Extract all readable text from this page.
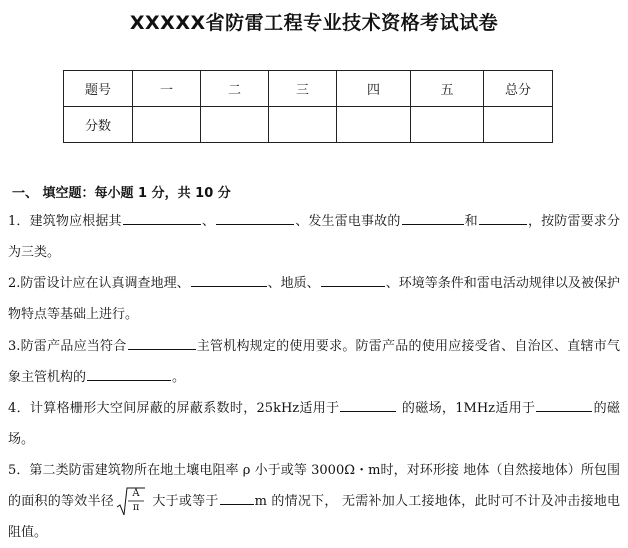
XXXXX省防雷工程专业技术资格考试试卷
题号	一	二	三	四	五	总分
分数						
一、 填空题：每小题 1 分，共 10 分
1．建筑物应根据其	、	、发生雷电事故的	和	，按防雷要求分为三类。
2.防雷设计应在认真调查地理、	、地质、	、环境等条件和雷电活动规律以及被保护物特点等基础上进行。
3.防雷产品应当符合	主管机构规定的使用要求。防雷产品的使用应接受省、自治区、直辖市气象主管机构的	。
4．计算格栅形大空间屏蔽的屏蔽系数时，25kHz适用于	的磁场，1MHz适用于	的磁场。
5．第二类防雷建筑物所在地土壤电阻率 ρ 小于或等 3000Ω・m时，对环形接 地体（自然接地体）所包围的面积的等效半径
A
π 大于或等于	m 的情况下， 无需补加人工接地体，此时可不计及冲击接地电阻值。
